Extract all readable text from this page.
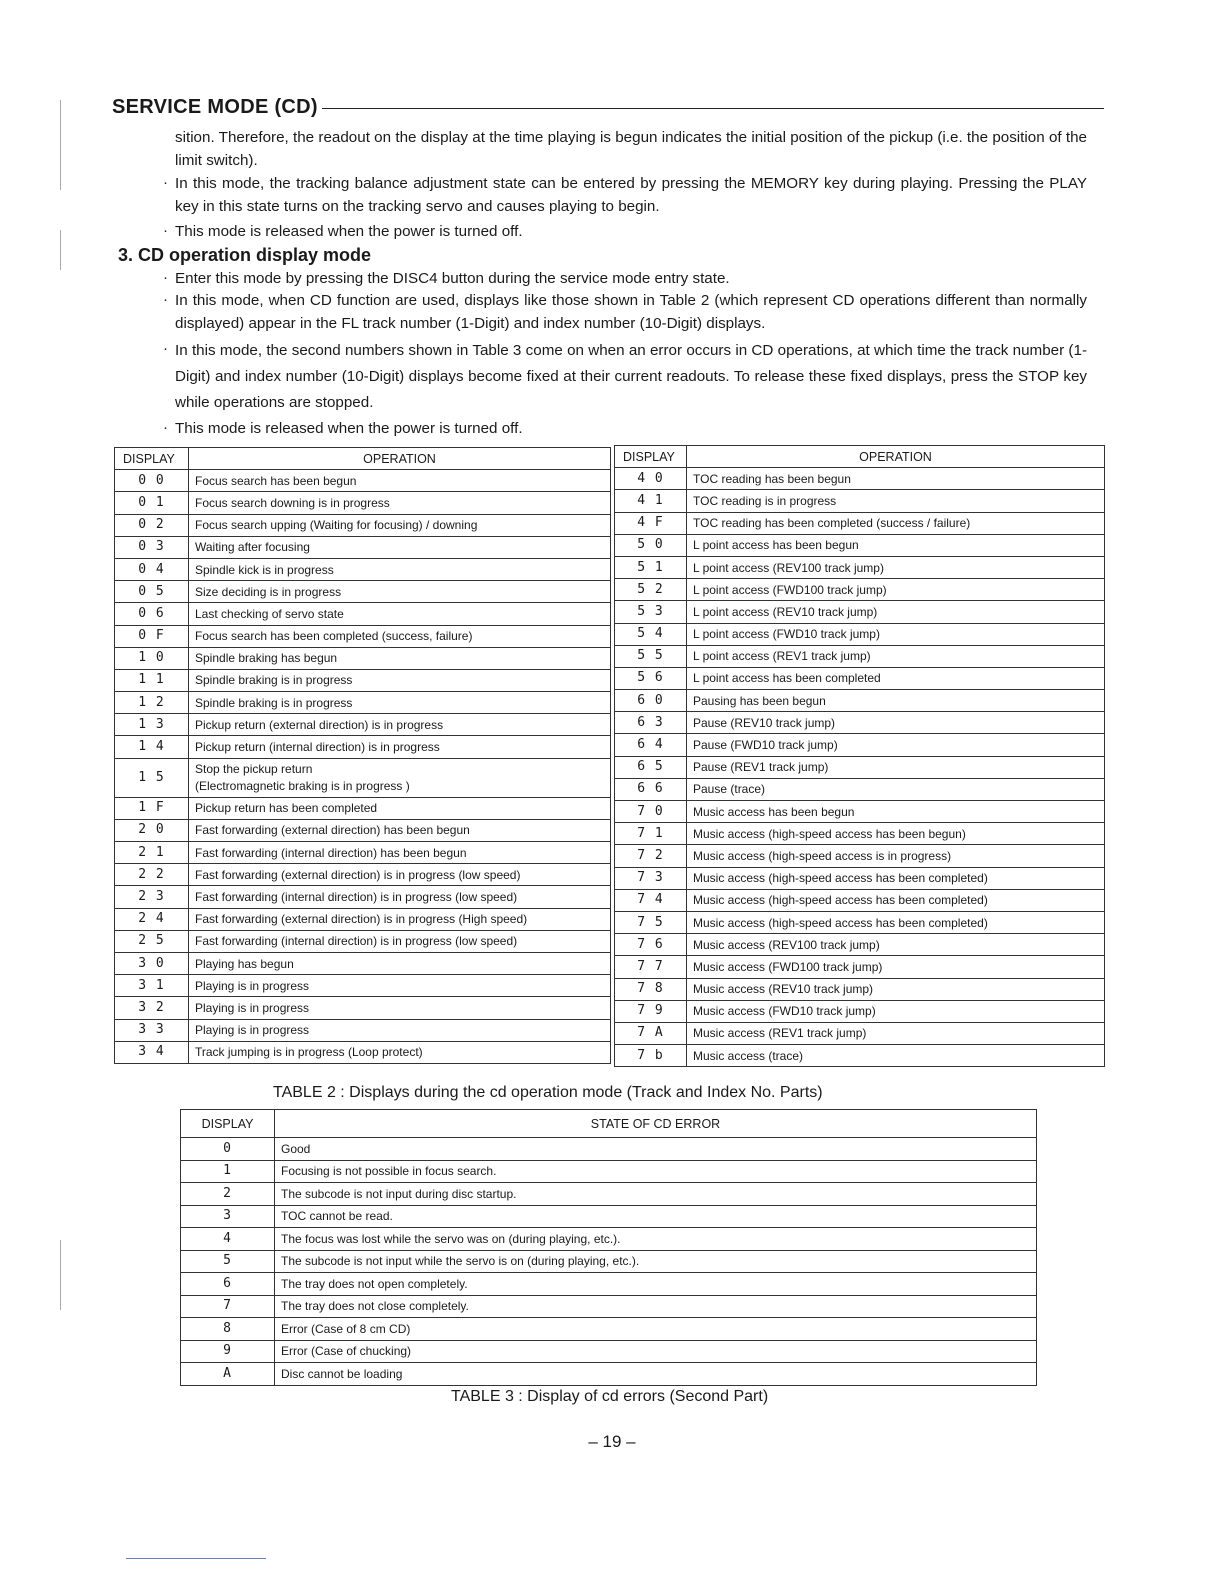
SERVICE MODE (CD)
sition. Therefore, the readout on the display at the time playing is begun indicates the initial position of the pickup (i.e. the position of the limit switch).
· In this mode, the tracking balance adjustment state can be entered by pressing the MEMORY key during playing. Pressing the PLAY key in this state turns on the tracking servo and causes playing to begin.
· This mode is released when the power is turned off.
3. CD operation display mode
· Enter this mode by pressing the DISC4 button during the service mode entry state.
· In this mode, when CD function are used, displays like those shown in Table 2 (which represent CD operations different than normally displayed) appear in the FL track number (1-Digit) and index number (10-Digit) displays.
· In this mode, the second numbers shown in Table 3 come on when an error occurs in CD operations, at which time the track number (1-Digit) and index number (10-Digit) displays become fixed at their current readouts. To release these fixed displays, press the STOP key while operations are stopped.
· This mode is released when the power is turned off.
DISPLAY	OPERATION
0 0	Focus search has been begun
0 1	Focus search downing is in progress
0 2	Focus search upping (Waiting for focusing) / downing
0 3	Waiting after focusing
0 4	Spindle kick is in progress
0 5	Size deciding is in progress
0 6	Last checking of servo state
0 F	Focus search has been completed (success, failure)
1 0	Spindle braking has begun
1 1	Spindle braking is in progress
1 2	Spindle braking is in progress
1 3	Pickup return (external direction) is in progress
1 4	Pickup return (internal direction) is in progress
1 5	Stop the pickup return
(Electromagnetic braking is in progress )

1 F	Pickup return has been completed
2 0	Fast forwarding (external direction) has been begun
2 1	Fast forwarding (internal direction) has been begun
2 2	Fast forwarding (external direction) is in progress (low speed)
2 3	Fast forwarding (internal direction) is in progress (low speed)
2 4	Fast forwarding (external direction) is in progress (High speed)
2 5	Fast forwarding (internal direction) is in progress (low speed)
3 0	Playing has begun
3 1	Playing is in progress
3 2	Playing is in progress
3 3	Playing is in progress
3 4	Track jumping is in progress (Loop protect)
DISPLAY	OPERATION
4 0	TOC reading has been begun
4 1	TOC reading is in progress
4 F	TOC reading has been completed (success / failure)
5 0	L point access has been begun
5 1	L point access (REV100 track jump)
5 2	L point access (FWD100 track jump)
5 3	L point access (REV10 track jump)
5 4	L point access (FWD10 track jump)
5 5	L point access (REV1 track jump)
5 6	L point access has been completed
6 0	Pausing has been begun
6 3	Pause (REV10 track jump)
6 4	Pause (FWD10 track jump)
6 5	Pause (REV1 track jump)
6 6	Pause (trace)
7 0	Music access has been begun
7 1	Music access (high-speed access has been begun)
7 2	Music access (high-speed access is in progress)
7 3	Music access (high-speed access has been completed)
7 4	Music access (high-speed access has been completed)
7 5	Music access (high-speed access has been completed)
7 6	Music access (REV100 track jump)
7 7	Music access (FWD100 track jump)
7 8	Music access (REV10 track jump)
7 9	Music access (FWD10 track jump)
7 A	Music access (REV1 track jump)
7 b	Music access (trace)
TABLE 2 : Displays during the cd operation mode (Track and Index No. Parts)
DISPLAY	STATE OF CD ERROR
0	Good
1	Focusing is not possible in focus search.
2	The subcode is not input during disc startup.
3	TOC cannot be read.
4	The focus was lost while the servo was on (during playing, etc.).
5	The subcode is not input while the servo is on (during playing, etc.).
6	The tray does not open completely.
7	The tray does not close completely.
8	Error (Case of 8 cm CD)
9	Error (Case of chucking)
A	Disc cannot be loading
TABLE 3 : Display of cd errors (Second Part)
– 19 –
